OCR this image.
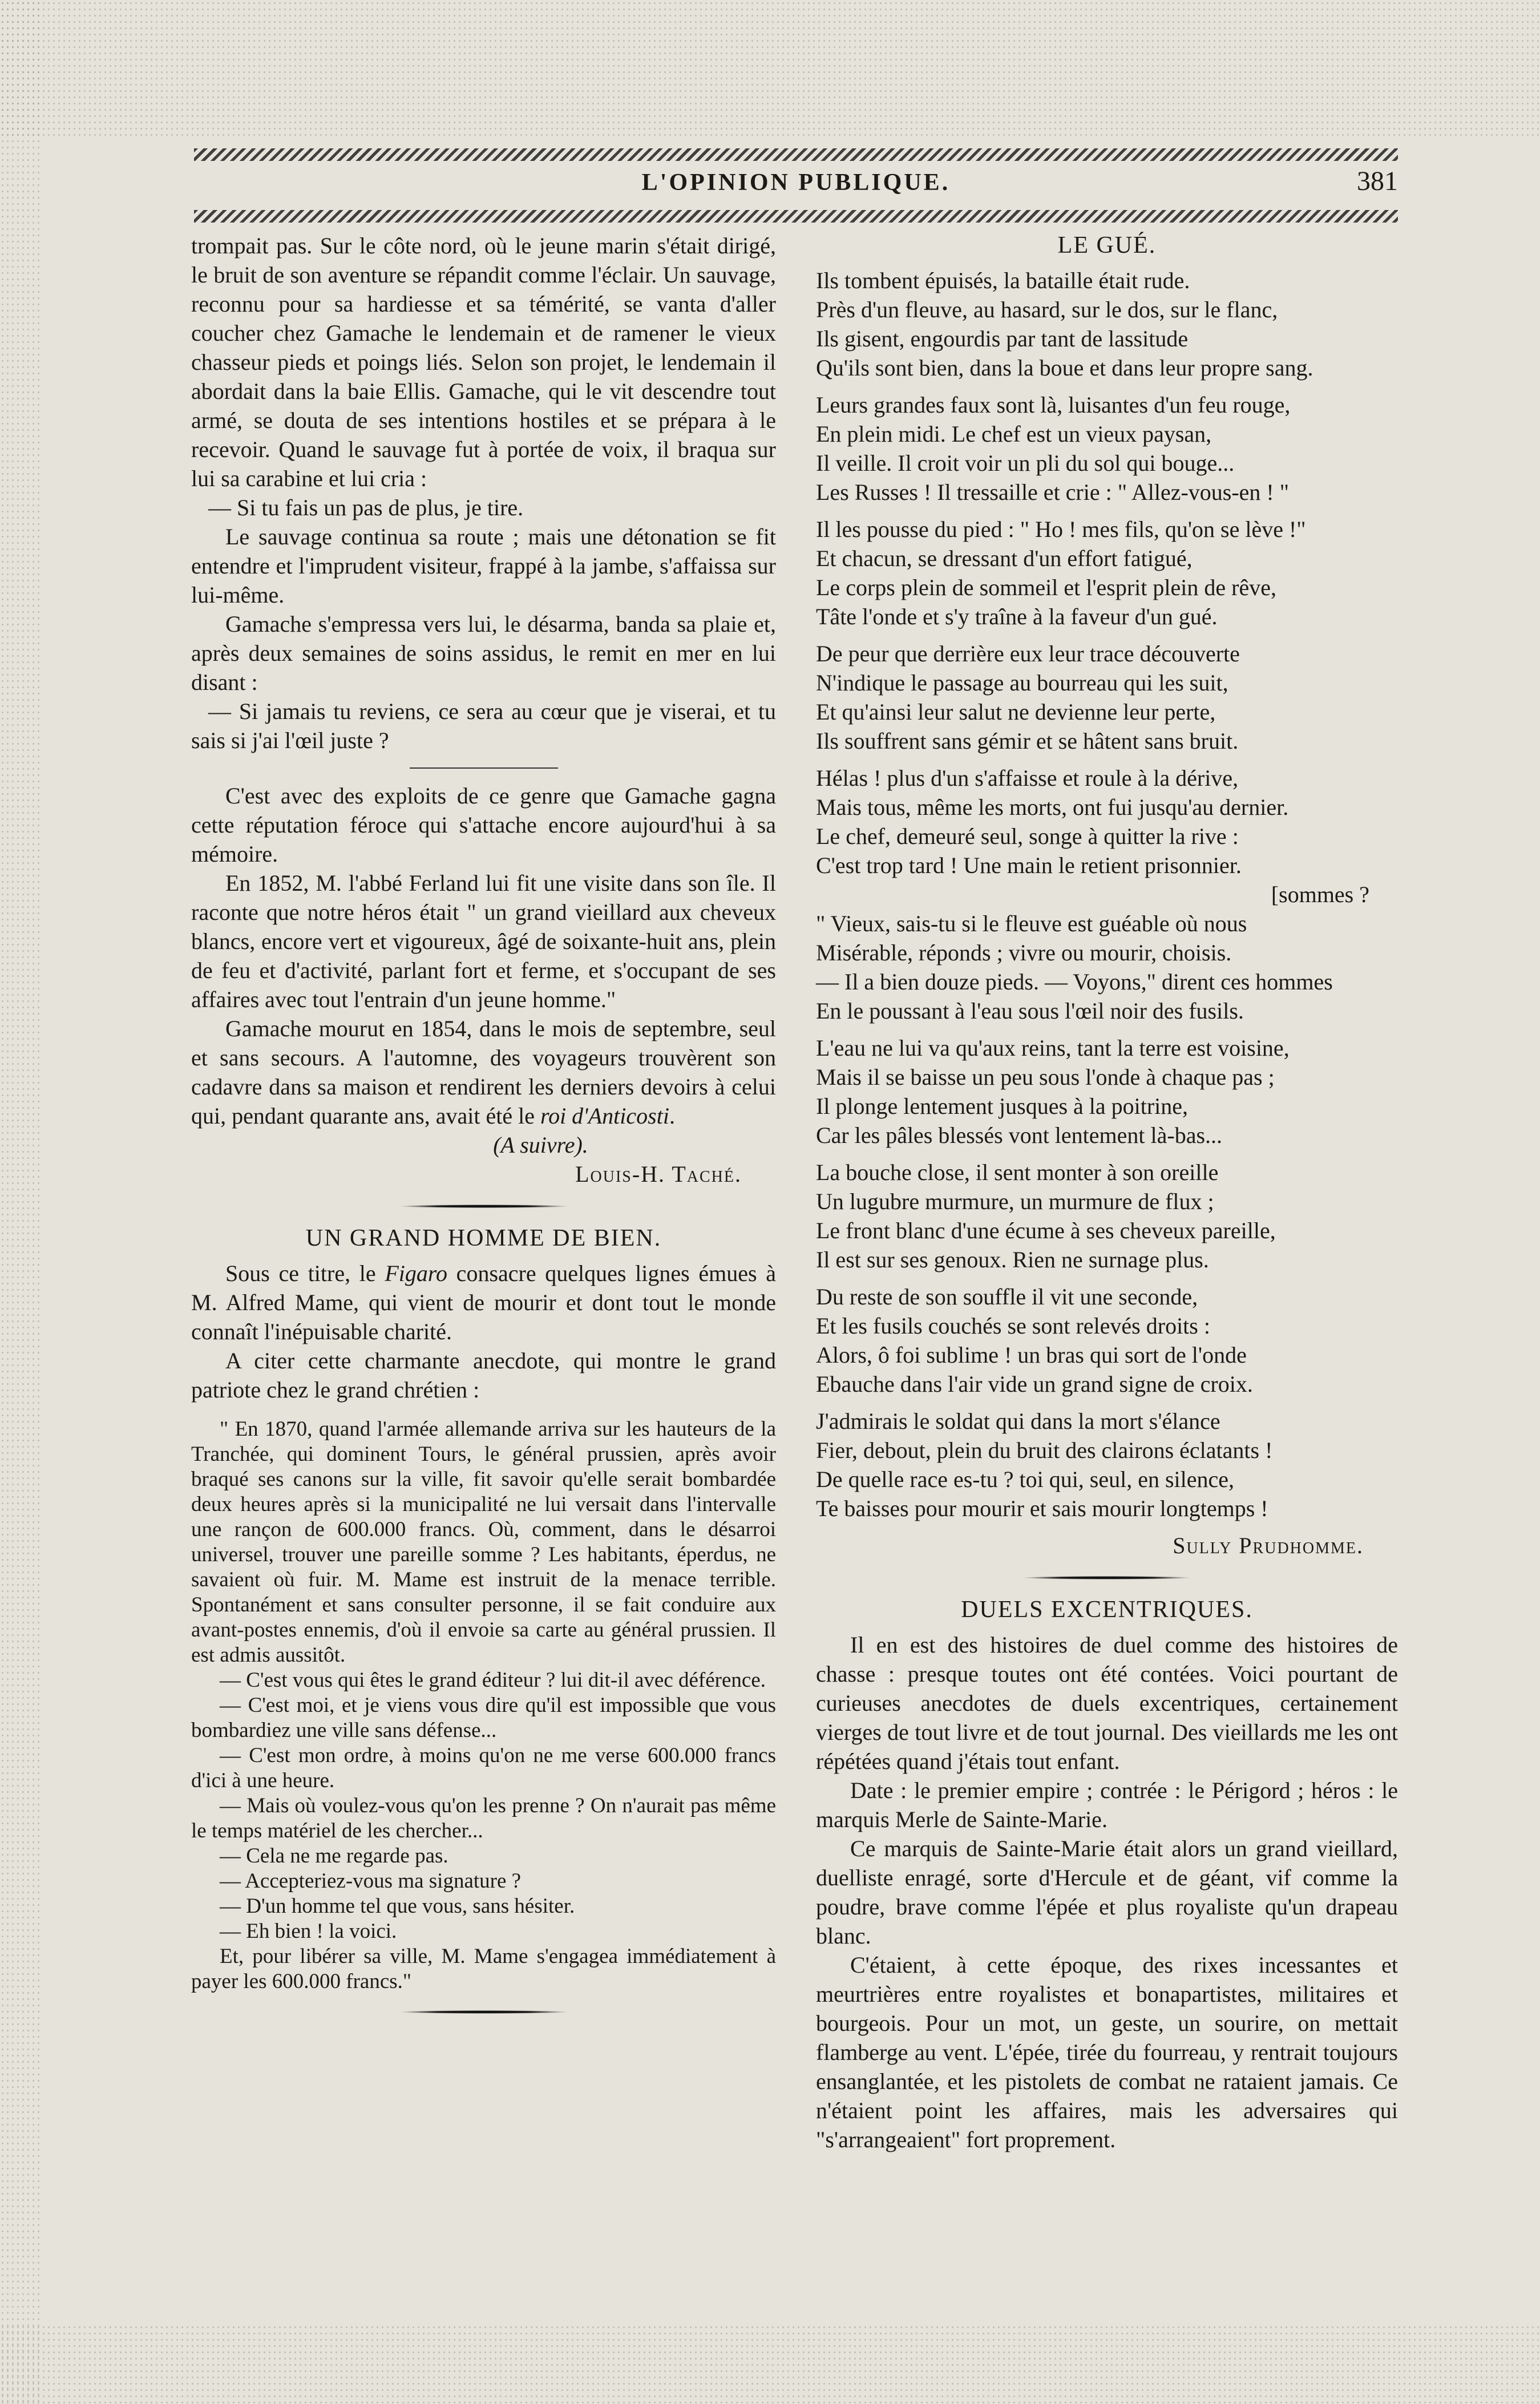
L'OPINION PUBLIQUE.	381

trompait pas. Sur le côte nord, où le jeune marin s'était dirigé, le bruit de son aventure se répandit comme l'éclair. Un sauvage, reconnu pour sa hardiesse et sa témérité, se vanta d'aller coucher chez Gamache le lendemain et de ramener le vieux chasseur pieds et poings liés. Selon son projet, le lendemain il abordait dans la baie Ellis. Gamache, qui le vit descendre tout armé, se douta de ses intentions hostiles et se prépara à le recevoir. Quand le sauvage fut à portée de voix, il braqua sur lui sa carabine et lui cria :

— Si tu fais un pas de plus, je tire.

Le sauvage continua sa route ; mais une détonation se fit entendre et l'imprudent visiteur, frappé à la jambe, s'affaissa sur lui-même.

Gamache s'empressa vers lui, le désarma, banda sa plaie et, après deux semaines de soins assidus, le remit en mer en lui disant :

— Si jamais tu reviens, ce sera au cœur que je viserai, et tu sais si j'ai l'œil juste ?

C'est avec des exploits de ce genre que Gamache gagna cette réputation féroce qui s'attache encore aujourd'hui à sa mémoire.

En 1852, M. l'abbé Ferland lui fit une visite dans son île. Il raconte que notre héros était " un grand vieillard aux cheveux blancs, encore vert et vigoureux, âgé de soixante-huit ans, plein de feu et d'activité, parlant fort et ferme, et s'occupant de ses affaires avec tout l'entrain d'un jeune homme."

Gamache mourut en 1854, dans le mois de septembre, seul et sans secours. A l'automne, des voyageurs trouvèrent son cadavre dans sa maison et rendirent les derniers devoirs à celui qui, pendant quarante ans, avait été le roi d'Anticosti.

(A suivre).
Louis-H. Taché.
UN GRAND HOMME DE BIEN.

Sous ce titre, le Figaro consacre quelques lignes émues à M. Alfred Mame, qui vient de mourir et dont tout le monde connaît l'inépuisable charité.

A citer cette charmante anecdote, qui montre le grand patriote chez le grand chrétien :

" En 1870, quand l'armée allemande arriva sur les hauteurs de la Tranchée, qui dominent Tours, le général prussien, après avoir braqué ses canons sur la ville, fit savoir qu'elle serait bombardée deux heures après si la municipalité ne lui versait dans l'intervalle une rançon de 600.000 francs. Où, comment, dans le désarroi universel, trouver une pareille somme ? Les habitants, éperdus, ne savaient où fuir. M. Mame est instruit de la menace terrible. Spontanément et sans consulter personne, il se fait conduire aux avant-postes ennemis, d'où il envoie sa carte au général prussien. Il est admis aussitôt.

— C'est vous qui êtes le grand éditeur ? lui dit-il avec déférence.

— C'est moi, et je viens vous dire qu'il est impossible que vous bombardiez une ville sans défense...

— C'est mon ordre, à moins qu'on ne me verse 600.000 francs d'ici à une heure.

— Mais où voulez-vous qu'on les prenne ? On n'aurait pas même le temps matériel de les chercher...

— Cela ne me regarde pas.

— Accepteriez-vous ma signature ?

— D'un homme tel que vous, sans hésiter.

— Eh bien ! la voici.

Et, pour libérer sa ville, M. Mame s'engagea immédiatement à payer les 600.000 francs."

LE GUÉ.
Ils tombent épuisés, la bataille était rude.
Près d'un fleuve, au hasard, sur le dos, sur le flanc,
Ils gisent, engourdis par tant de lassitude
Qu'ils sont bien, dans la boue et dans leur propre sang.
Leurs grandes faux sont là, luisantes d'un feu rouge,
En plein midi. Le chef est un vieux paysan,
Il veille. Il croit voir un pli du sol qui bouge...
Les Russes ! Il tressaille et crie : " Allez-vous-en ! "
Il les pousse du pied : " Ho ! mes fils, qu'on se lève !"
Et chacun, se dressant d'un effort fatigué,
Le corps plein de sommeil et l'esprit plein de rêve,
Tâte l'onde et s'y traîne à la faveur d'un gué.
De peur que derrière eux leur trace découverte
N'indique le passage au bourreau qui les suit,
Et qu'ainsi leur salut ne devienne leur perte,
Ils souffrent sans gémir et se hâtent sans bruit.
Hélas ! plus d'un s'affaisse et roule à la dérive,
Mais tous, même les morts, ont fui jusqu'au dernier.
Le chef, demeuré seul, songe à quitter la rive :
C'est trop tard ! Une main le retient prisonnier.
[sommes ?
" Vieux, sais-tu si le fleuve est guéable où nous
Misérable, réponds ; vivre ou mourir, choisis.
— Il a bien douze pieds. — Voyons," dirent ces hommes
En le poussant à l'eau sous l'œil noir des fusils.
L'eau ne lui va qu'aux reins, tant la terre est voisine,
Mais il se baisse un peu sous l'onde à chaque pas ;
Il plonge lentement jusques à la poitrine,
Car les pâles blessés vont lentement là-bas...
La bouche close, il sent monter à son oreille
Un lugubre murmure, un murmure de flux ;
Le front blanc d'une écume à ses cheveux pareille,
Il est sur ses genoux. Rien ne surnage plus.
Du reste de son souffle il vit une seconde,
Et les fusils couchés se sont relevés droits :
Alors, ô foi sublime ! un bras qui sort de l'onde
Ebauche dans l'air vide un grand signe de croix.
J'admirais le soldat qui dans la mort s'élance
Fier, debout, plein du bruit des clairons éclatants !
De quelle race es-tu ? toi qui, seul, en silence,
Te baisses pour mourir et sais mourir longtemps !
Sully Prudhomme.
DUELS EXCENTRIQUES.

Il en est des histoires de duel comme des histoires de chasse : presque toutes ont été contées. Voici pourtant de curieuses anecdotes de duels excentriques, certainement vierges de tout livre et de tout journal. Des vieillards me les ont répétées quand j'étais tout enfant.

Date : le premier empire ; contrée : le Périgord ; héros : le marquis Merle de Sainte-Marie.

Ce marquis de Sainte-Marie était alors un grand vieillard, duelliste enragé, sorte d'Hercule et de géant, vif comme la poudre, brave comme l'épée et plus royaliste qu'un drapeau blanc.

C'étaient, à cette époque, des rixes incessantes et meurtrières entre royalistes et bonapartistes, militaires et bourgeois. Pour un mot, un geste, un sourire, on mettait flamberge au vent. L'épée, tirée du fourreau, y rentrait toujours ensanglantée, et les pistolets de combat ne rataient jamais. Ce n'étaient point les affaires, mais les adversaires qui "s'arrangeaient" fort proprement.
